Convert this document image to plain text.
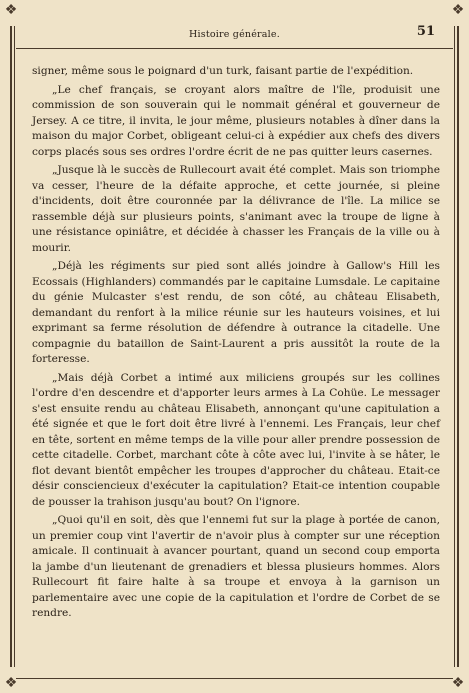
❖	❖
❖	❖
Histoire générale.	51

signer, même sous le poignard d'un turk, faisant partie de l'expédition.

„Le chef français, se croyant alors maître de l'île, produisit une commission de son souverain qui le nommait général et gouverneur de Jersey. A ce titre, il invita, le jour même, plusieurs notables à dîner dans la maison du major Corbet, obligeant celui-ci à expédier aux chefs des divers corps placés sous ses ordres l'ordre écrit de ne pas quitter leurs casernes.

„Jusque là le succès de Rullecourt avait été complet. Mais son triomphe va cesser, l'heure de la défaite approche, et cette journée, si pleine d'incidents, doit être couronnée par la délivrance de l'île. La milice se rassemble déjà sur plusieurs points, s'animant avec la troupe de ligne à une résistance opiniâtre, et décidée à chasser les Français de la ville ou à mourir.

„Déjà les régiments sur pied sont allés joindre à Gallow's Hill les Ecossais (Highlanders) commandés par le capitaine Lumsdale. Le capitaine du génie Mulcaster s'est rendu, de son côté, au château Elisabeth, demandant du renfort à la milice réunie sur les hauteurs voisines, et lui exprimant sa ferme résolution de défendre à outrance la citadelle. Une compagnie du bataillon de Saint-Laurent a pris aussitôt la route de la forteresse.

„Mais déjà Corbet a intimé aux miliciens groupés sur les collines l'ordre d'en descendre et d'apporter leurs armes à La Cohüe. Le messager s'est ensuite rendu au château Elisabeth, annonçant qu'une capitulation a été signée et que le fort doit être livré à l'ennemi. Les Français, leur chef en tête, sortent en même temps de la ville pour aller prendre possession de cette citadelle. Corbet, marchant côte à côte avec lui, l'invite à se hâter, le flot devant bientôt empêcher les troupes d'approcher du château. Etait-ce désir consciencieux d'exécuter la capitulation? Etait-ce intention coupable de pousser la trahison jusqu'au bout? On l'ignore.

„Quoi qu'il en soit, dès que l'ennemi fut sur la plage à portée de canon, un premier coup vint l'avertir de n'avoir plus à compter sur une réception amicale. Il continuait à avancer pourtant, quand un second coup emporta la jambe d'un lieutenant de grenadiers et blessa plusieurs hommes. Alors Rullecourt fit faire halte à sa troupe et envoya à la garnison un parlementaire avec une copie de la capitulation et l'ordre de Corbet de se rendre.
